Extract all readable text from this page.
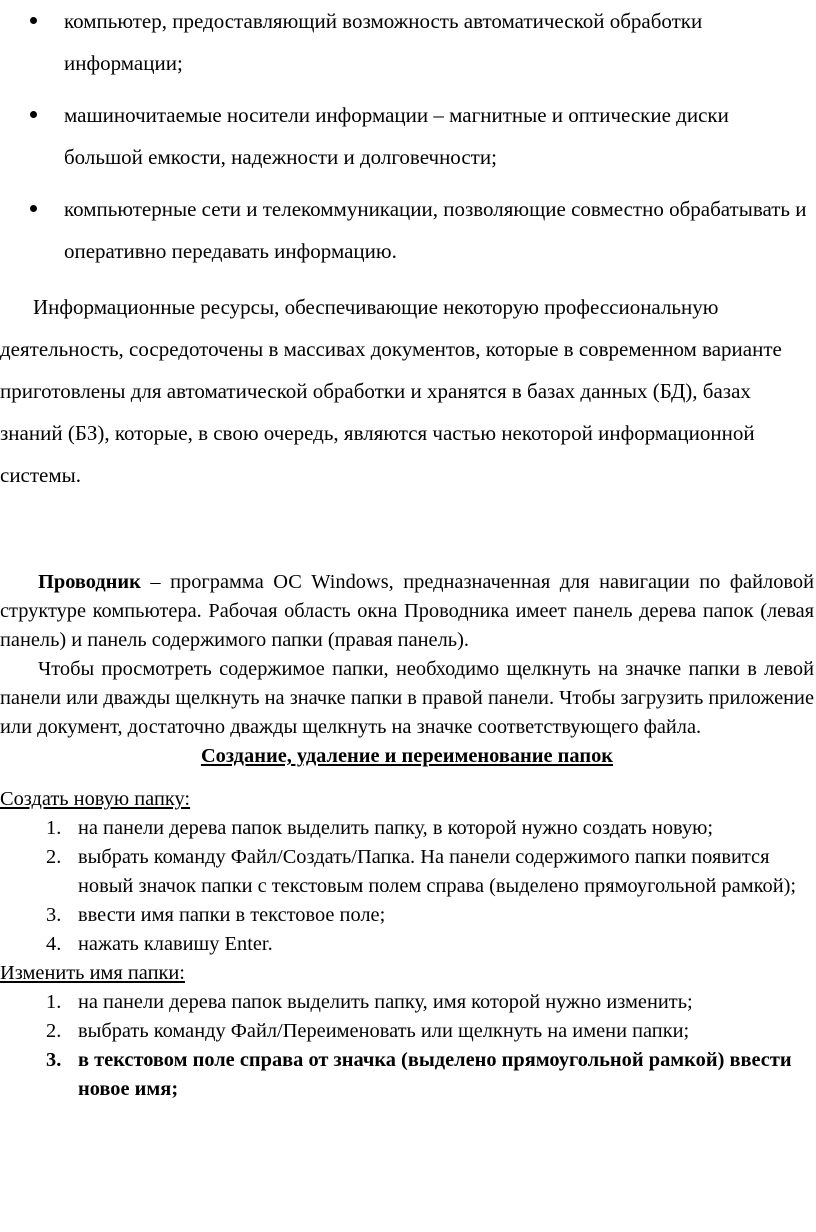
компьютер, предоставляющий возможность автоматической обработки информации;
машиночитаемые носители информации – магнитные и оптические диски большой емкости, надежности и долговечности;
компьютерные сети и телекоммуникации, позволяющие совместно обрабатывать и оперативно передавать информацию.

Информационные ресурсы, обеспечивающие некоторую профессиональную деятельность, сосредоточены в массивах документов, которые в современном варианте приготовлены для автоматической обработки и хранятся в базах данных (БД), базах знаний (БЗ), которые, в свою очередь, являются частью некоторой информационной системы.

Проводник – программа ОС Windows, предназначенная для навигации по файловой структуре компьютера. Рабочая область окна Проводника имеет панель дерева папок (левая панель) и панель содержимого папки (правая панель).

Чтобы просмотреть содержимое папки, необходимо щелкнуть на значке папки в левой панели или дважды щелкнуть на значке папки в правой панели. Чтобы загрузить приложение или документ, достаточно дважды щелкнуть на значке соответствующего файла.

Создание, удаление и переименование папок

Создать новую папку:

1. на панели дерева папок выделить папку, в которой нужно создать новую;
2. выбрать команду Файл/Создать/Папка. На панели содержимого папки появится новый значок папки с текстовым полем справа (выделено прямоугольной рамкой);
3. ввести имя папки в текстовое поле;
4. нажать клавишу Enter.

Изменить имя папки:

1. на панели дерева папок выделить папку, имя которой нужно изменить;
2. выбрать команду Файл/Переименовать или щелкнуть на имени папки;
3. в текстовом поле справа от значка (выделено прямоугольной рамкой) ввести новое имя;
